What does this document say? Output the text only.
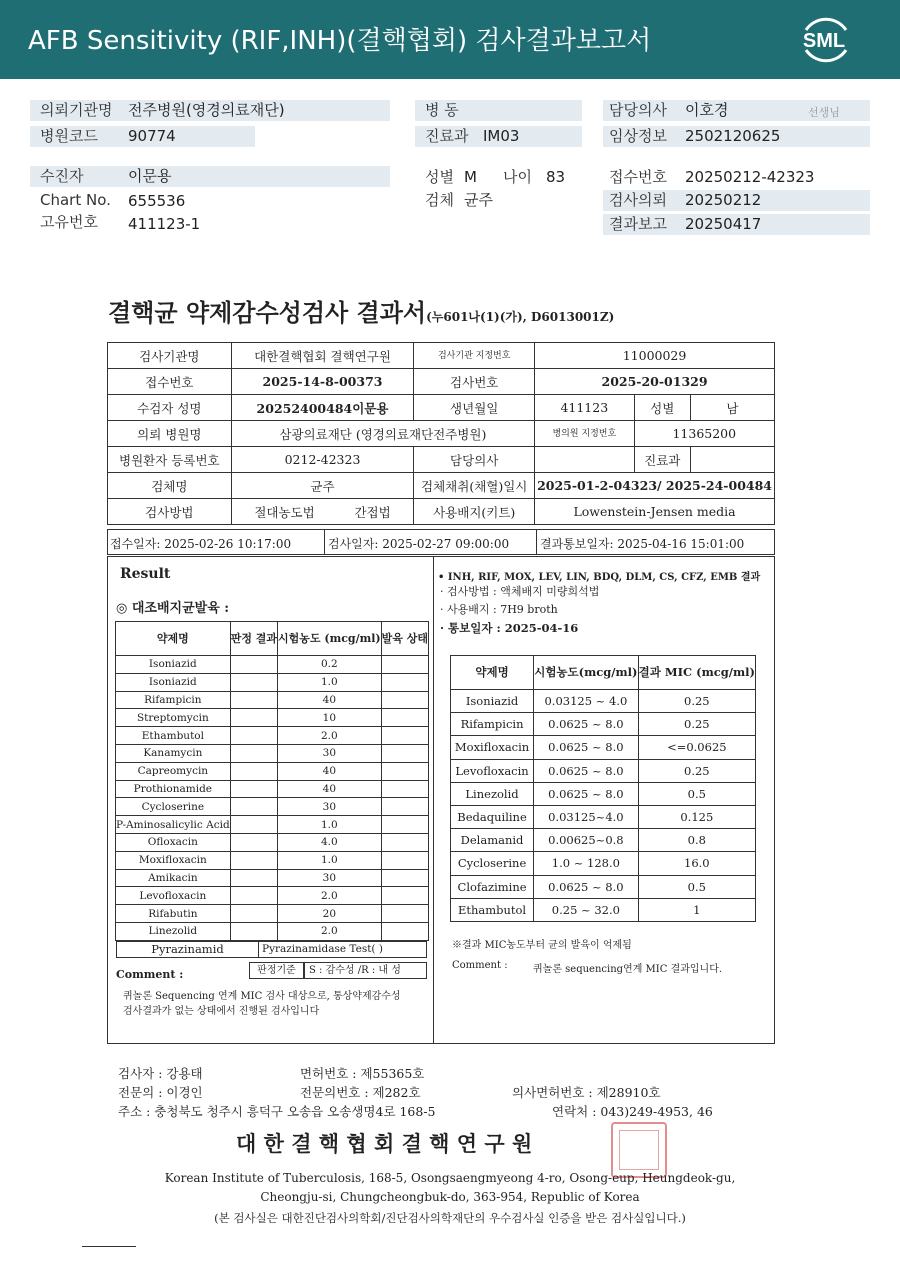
AFB Sensitivity (RIF,INH)(결핵협회) 검사결과보고서	SML
의뢰기관명 전주병원(영경의료재단)	병 동	담당의사 이호경	선생님
병원코드 90774	진료과 IM03	임상정보 2502120625
수진자	이문용	성별 M 나이 83	접수번호 20250212-42323
Chart No. 655536	검체 균주	검사의뢰 20250212
고유번호 411123-1	결과보고 20250417
결핵균 약제감수성검사 결과서(누601나(1)(가), D6013001Z)
검사기관명	대한결핵협회 결핵연구원	검사기관 지정번호	11000029		
접수번호	2025-14-8-00373	검사번호	2025-20-01329		
수검자 성명	20252400484이문용	생년월일	411123	성별	남
의뢰 병원명	삼광의료재단 (영경의료재단전주병원)		병의원 지정번호	11365200	
병원환자 등록번호	0212-42323	담당의사		진료과	
검체명	균주	검체채취(채혈)일시	2025-01-2-04323/ 2025-24-00484		
검사방법	절대농도법 간접법	사용배지(키트)	Lowenstein-Jensen media		
접수일자: 2025-02-26 10:17:00	검사일자: 2025-02-27 09:00:00	결과통보일자: 2025-04-16 15:01:00
Result
◎ 대조배지균발육 :
약제명	판정 결과	시험농도 (mcg/ml)	발육 상태
Isoniazid		0.2	
Isoniazid		1.0	
Rifampicin		40	
Streptomycin		10	
Ethambutol		2.0	
Kanamycin		30	
Capreomycin		40	
Prothionamide		40	
Cycloserine		30	
P-Aminosalicylic Acid		1.0	
Ofloxacin		4.0	
Moxifloxacin		1.0	
Amikacin		30	
Levofloxacin		2.0	
Rifabutin		20	
Linezolid		2.0	
Pyrazinamid	Pyrazinamidase Test( )
Comment :	판정기준	S : 감수성 /R : 내 성
퀴놀론 Sequencing 연계 MIC 검사 대상으로, 통상약제감수성
검사결과가 없는 상태에서 진행된 검사입니다
• INH, RIF, MOX, LEV, LIN, BDQ, DLM, CS, CFZ, EMB 결과
· 검사방법 : 액체배지 미량희석법
· 사용배지 : 7H9 broth
· 통보일자 : 2025-04-16
약제명	시험농도(mcg/ml)	결과 MIC (mcg/ml)
Isoniazid	0.03125 ~ 4.0	0.25
Rifampicin	0.0625 ~ 8.0	0.25
Moxifloxacin	0.0625 ~ 8.0	<=0.0625
Levofloxacin	0.0625 ~ 8.0	0.25
Linezolid	0.0625 ~ 8.0	0.5
Bedaquiline	0.03125~4.0	0.125
Delamanid	0.00625~0.8	0.8
Cycloserine	1.0 ~ 128.0	16.0
Clofazimine	0.0625 ~ 8.0	0.5
Ethambutol	0.25 ~ 32.0	1
※결과 MIC농도부터 균의 발육이 억제됨
Comment :	퀴놀론 sequencing연계 MIC 결과입니다.
검사자 : 강용태	면허번호 : 제55365호
전문의 : 이경인	전문의번호 : 제282호	의사면허번호 : 제28910호
주소 : 충청북도 청주시 흥덕구 오송읍 오송생명4로 168-5	연락처 : 043)249-4953, 46
대 한 결 핵 협 회 결 핵 연 구 원
Korean Institute of Tuberculosis, 168-5, Osongsaengmyeong 4-ro, Osong-eup, Heungdeok-gu,
Cheongju-si, Chungcheongbuk-do, 363-954, Republic of Korea
(본 검사실은 대한진단검사의학회/진단검사의학재단의 우수검사실 인증을 받은 검사실입니다.)
